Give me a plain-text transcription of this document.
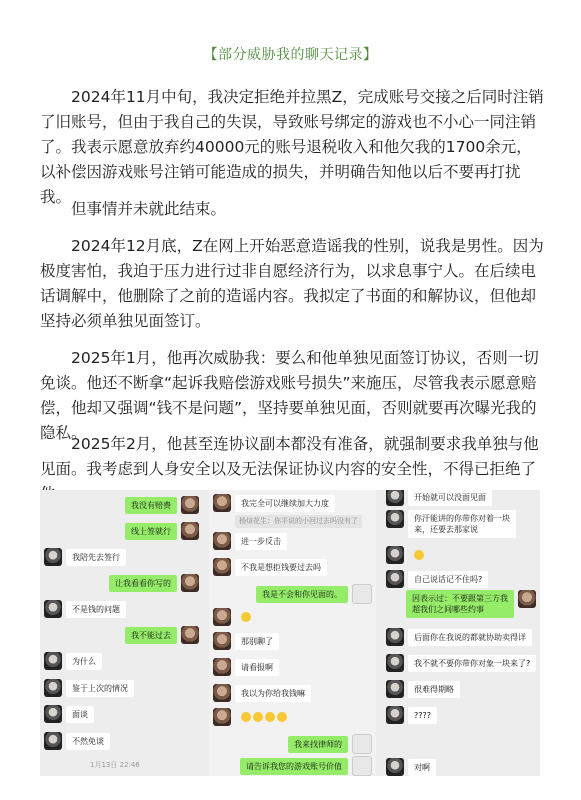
【部分威胁我的聊天记录】

2024年11月中旬，我决定拒绝并拉黑Z，完成账号交接之后同时注销了旧账号，但由于我自己的失误，导致账号绑定的游戏也不小心一同注销了。我表示愿意放弃约40000元的账号退税收入和他欠我的1700余元，以补偿因游戏账号注销可能造成的损失，并明确告知他以后不要再打扰我。

但事情并未就此结束。

2024年12月底，Z在网上开始恶意造谣我的性别，说我是男性。因为极度害怕，我迫于压力进行过非自愿经济行为，以求息事宁人。在后续电话调解中，他删除了之前的造谣内容。我拟定了书面的和解协议，但他却坚持必须单独见面签订。

2025年1月，他再次威胁我：要么和他单独见面签订协议，否则一切免谈。他还不断拿“起诉我赔偿游戏账号损失”来施压，尽管我表示愿意赔偿，他却又强调“钱不是问题”，坚持要单独见面，否则就要再次曝光我的隐私。

2025年2月，他甚至连协议副本都没有准备，就强制要求我单独与他见面。我考虑到人身安全以及无法保证协议内容的安全性，不得已拒绝了

我没有赔费
线上签就行
我陪先去签行
让我看看你写的
不是钱的问题
我不能过去
为什么
鉴于上次的情况
面谈
不然免谈
1月13日 22:46
我完全可以继续加大力度
杨煊花生：你平说的小回过去吗没有了
进一步反击
不我是想拒钱要过去吗
我是不会和你见面的。
那别聊了
请看报啊
我以为你给我钱嘛
我来找律师的
请告诉我您的游戏账号价值
开始就可以没面见面
你汗能讲的你带你对着一块来，还要去那家说
自己说话记不住吗?
因表示过：不要跟第三方我超我们之间哪些约事
后面你在我说的都就协助卖得详
我不就不要你带你对象一块来了?
很难得期略
????
对啊
